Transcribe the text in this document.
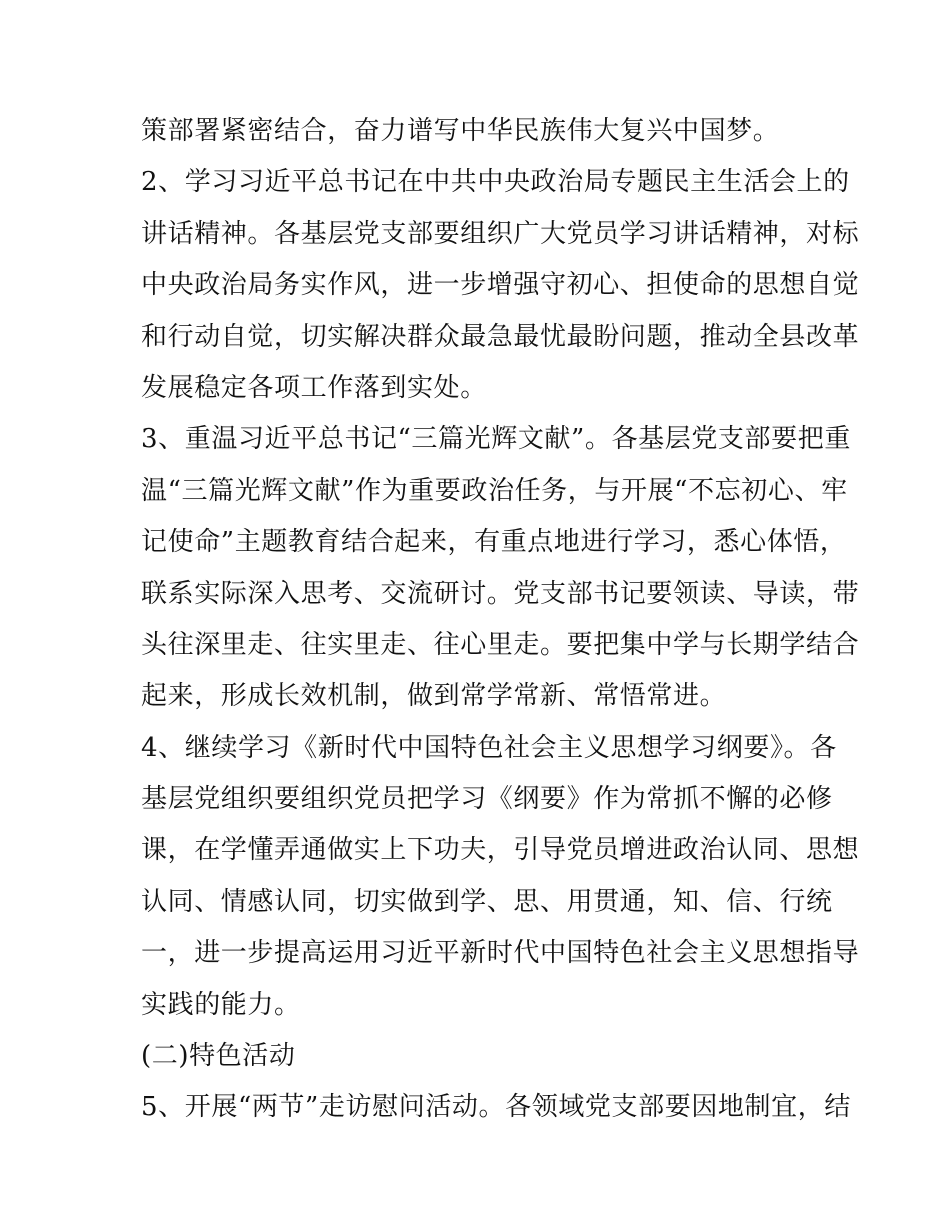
策部署紧密结合，奋力谱写中华民族伟大复兴中国梦。
2、学习习近平总书记在中共中央政治局专题民主生活会上的
讲话精神。各基层党支部要组织广大党员学习讲话精神，对标
中央政治局务实作风，进一步增强守初心、担使命的思想自觉
和行动自觉，切实解决群众最急最忧最盼问题，推动全县改革
发展稳定各项工作落到实处。
3、重温习近平总书记“三篇光辉文献”。各基层党支部要把重
温“三篇光辉文献”作为重要政治任务，与开展“不忘初心、牢
记使命”主题教育结合起来，有重点地进行学习，悉心体悟，
联系实际深入思考、交流研讨。党支部书记要领读、导读，带
头往深里走、往实里走、往心里走。要把集中学与长期学结合
起来，形成长效机制，做到常学常新、常悟常进。
4、继续学习《新时代中国特色社会主义思想学习纲要》。各
基层党组织要组织党员把学习《纲要》作为常抓不懈的必修
课，在学懂弄通做实上下功夫，引导党员增进政治认同、思想
认同、情感认同，切实做到学、思、用贯通，知、信、行统
一，进一步提高运用习近平新时代中国特色社会主义思想指导
实践的能力。
(二)特色活动
5、开展“两节”走访慰问活动。各领域党支部要因地制宜，结
